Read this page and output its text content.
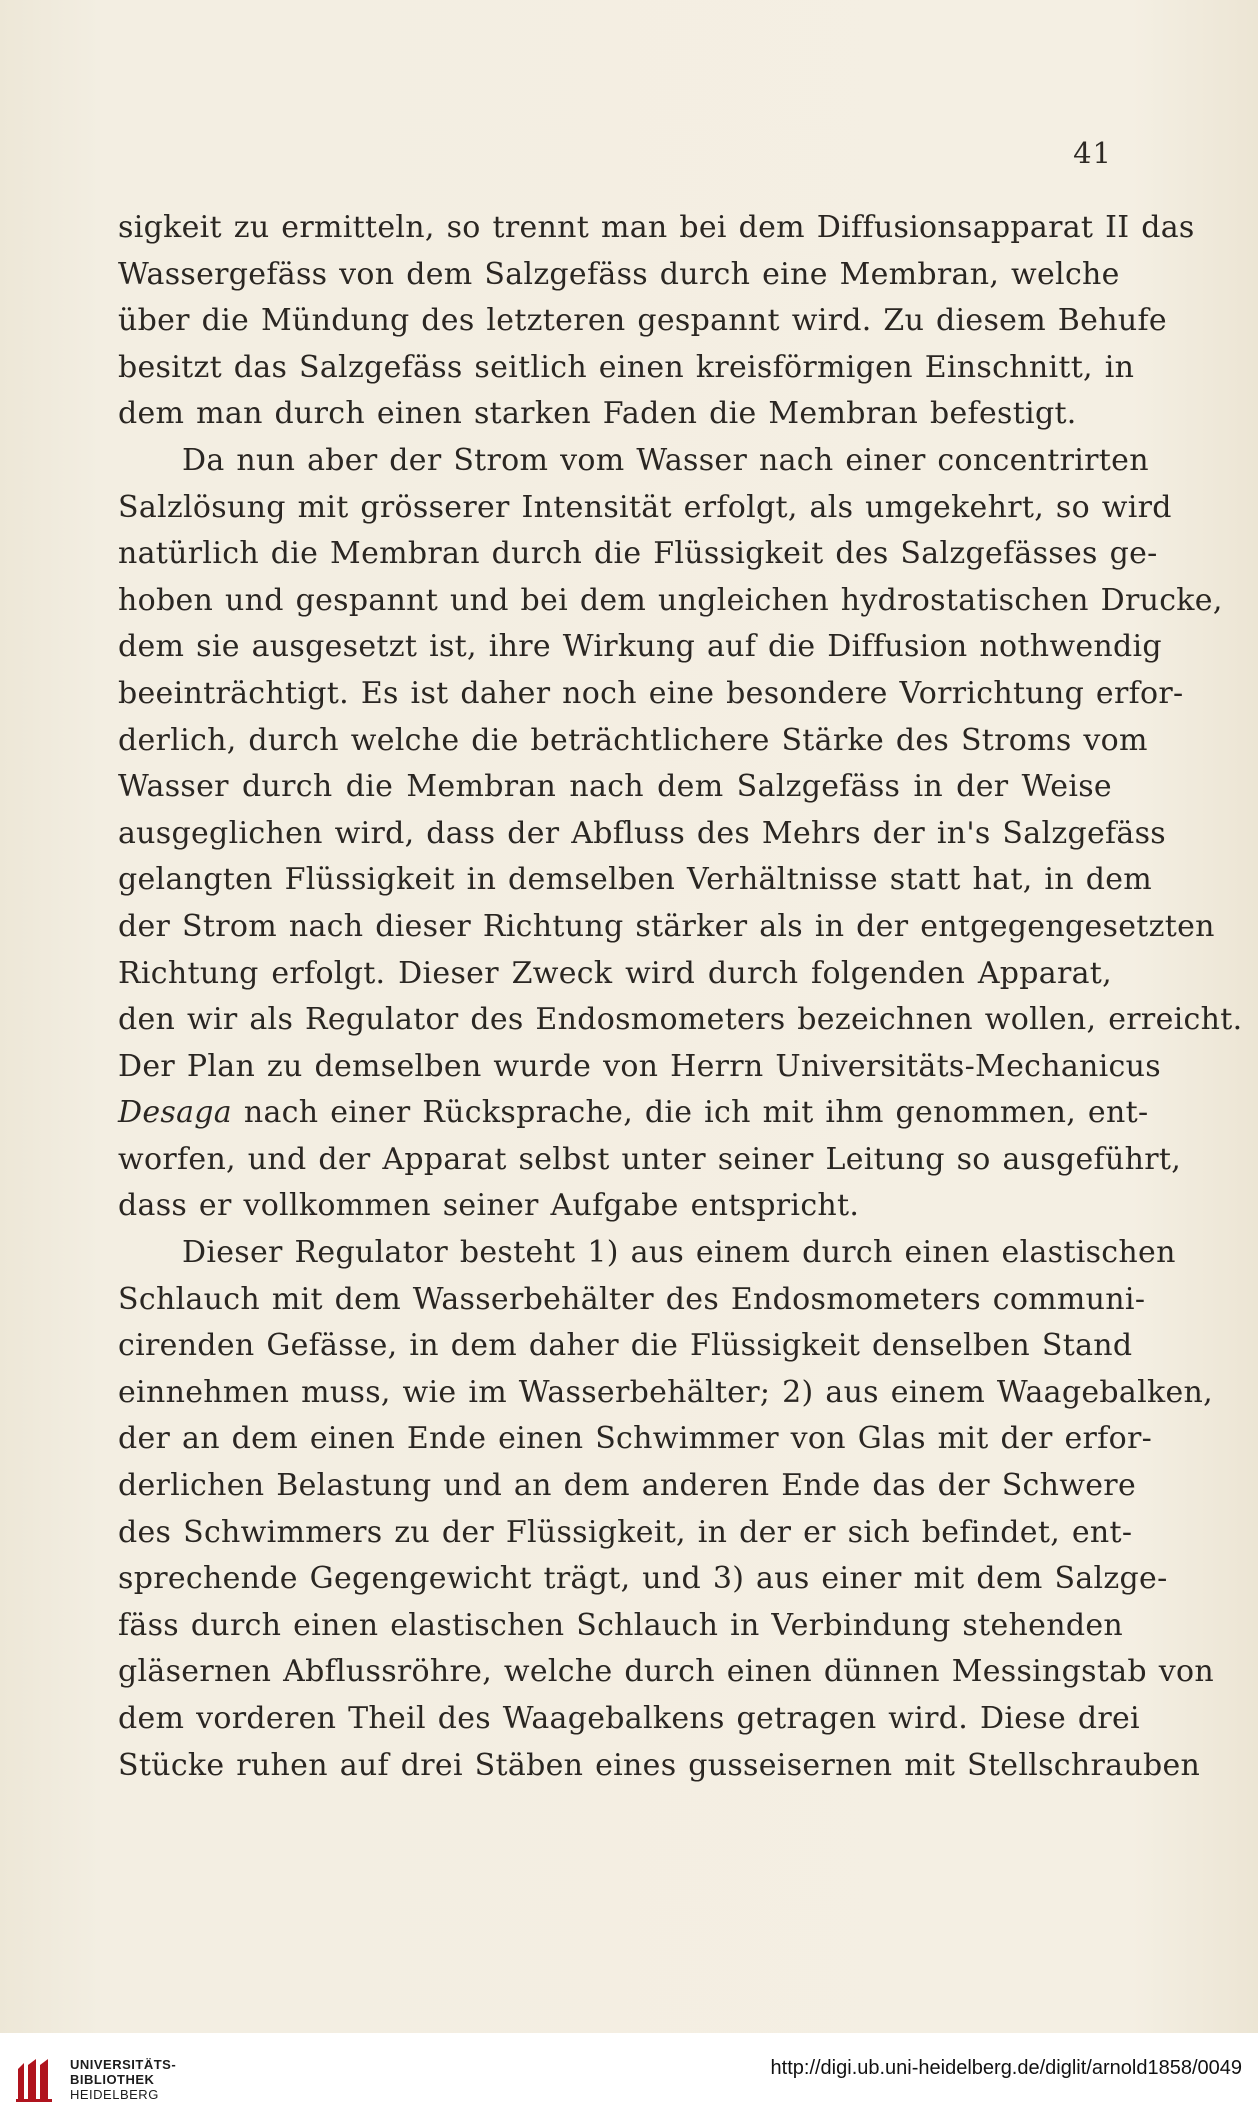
41
sigkeit zu ermitteln, so trennt man bei dem Diffusionsapparat II das
Wassergefäss von dem Salzgefäss durch eine Membran, welche
über die Mündung des letzteren gespannt wird. Zu diesem Behufe
besitzt das Salzgefäss seitlich einen kreisförmigen Einschnitt, in
dem man durch einen starken Faden die Membran befestigt.
Da nun aber der Strom vom Wasser nach einer concentrirten
Salzlösung mit grösserer Intensität erfolgt, als umgekehrt, so wird
natürlich die Membran durch die Flüssigkeit des Salzgefässes ge-
hoben und gespannt und bei dem ungleichen hydrostatischen Drucke,
dem sie ausgesetzt ist, ihre Wirkung auf die Diffusion nothwendig
beeinträchtigt. Es ist daher noch eine besondere Vorrichtung erfor-
derlich, durch welche die beträchtlichere Stärke des Stroms vom
Wasser durch die Membran nach dem Salzgefäss in der Weise
ausgeglichen wird, dass der Abfluss des Mehrs der in's Salzgefäss
gelangten Flüssigkeit in demselben Verhältnisse statt hat, in dem
der Strom nach dieser Richtung stärker als in der entgegengesetzten
Richtung erfolgt. Dieser Zweck wird durch folgenden Apparat,
den wir als Regulator des Endosmometers bezeichnen wollen, erreicht.
Der Plan zu demselben wurde von Herrn Universitäts-Mechanicus
Desaga nach einer Rücksprache, die ich mit ihm genommen, ent-
worfen, und der Apparat selbst unter seiner Leitung so ausgeführt,
dass er vollkommen seiner Aufgabe entspricht.
Dieser Regulator besteht 1) aus einem durch einen elastischen
Schlauch mit dem Wasserbehälter des Endosmometers communi-
cirenden Gefässe, in dem daher die Flüssigkeit denselben Stand
einnehmen muss, wie im Wasserbehälter; 2) aus einem Waagebalken,
der an dem einen Ende einen Schwimmer von Glas mit der erfor-
derlichen Belastung und an dem anderen Ende das der Schwere
des Schwimmers zu der Flüssigkeit, in der er sich befindet, ent-
sprechende Gegengewicht trägt, und 3) aus einer mit dem Salzge-
fäss durch einen elastischen Schlauch in Verbindung stehenden
gläsernen Abflussröhre, welche durch einen dünnen Messingstab von
dem vorderen Theil des Waagebalkens getragen wird. Diese drei
Stücke ruhen auf drei Stäben eines gusseisernen mit Stellschrauben
UNIVERSITÄTS-
BIBLIOTHEK
HEIDELBERG
http://digi.ub.uni-heidelberg.de/diglit/arnold1858/0049
